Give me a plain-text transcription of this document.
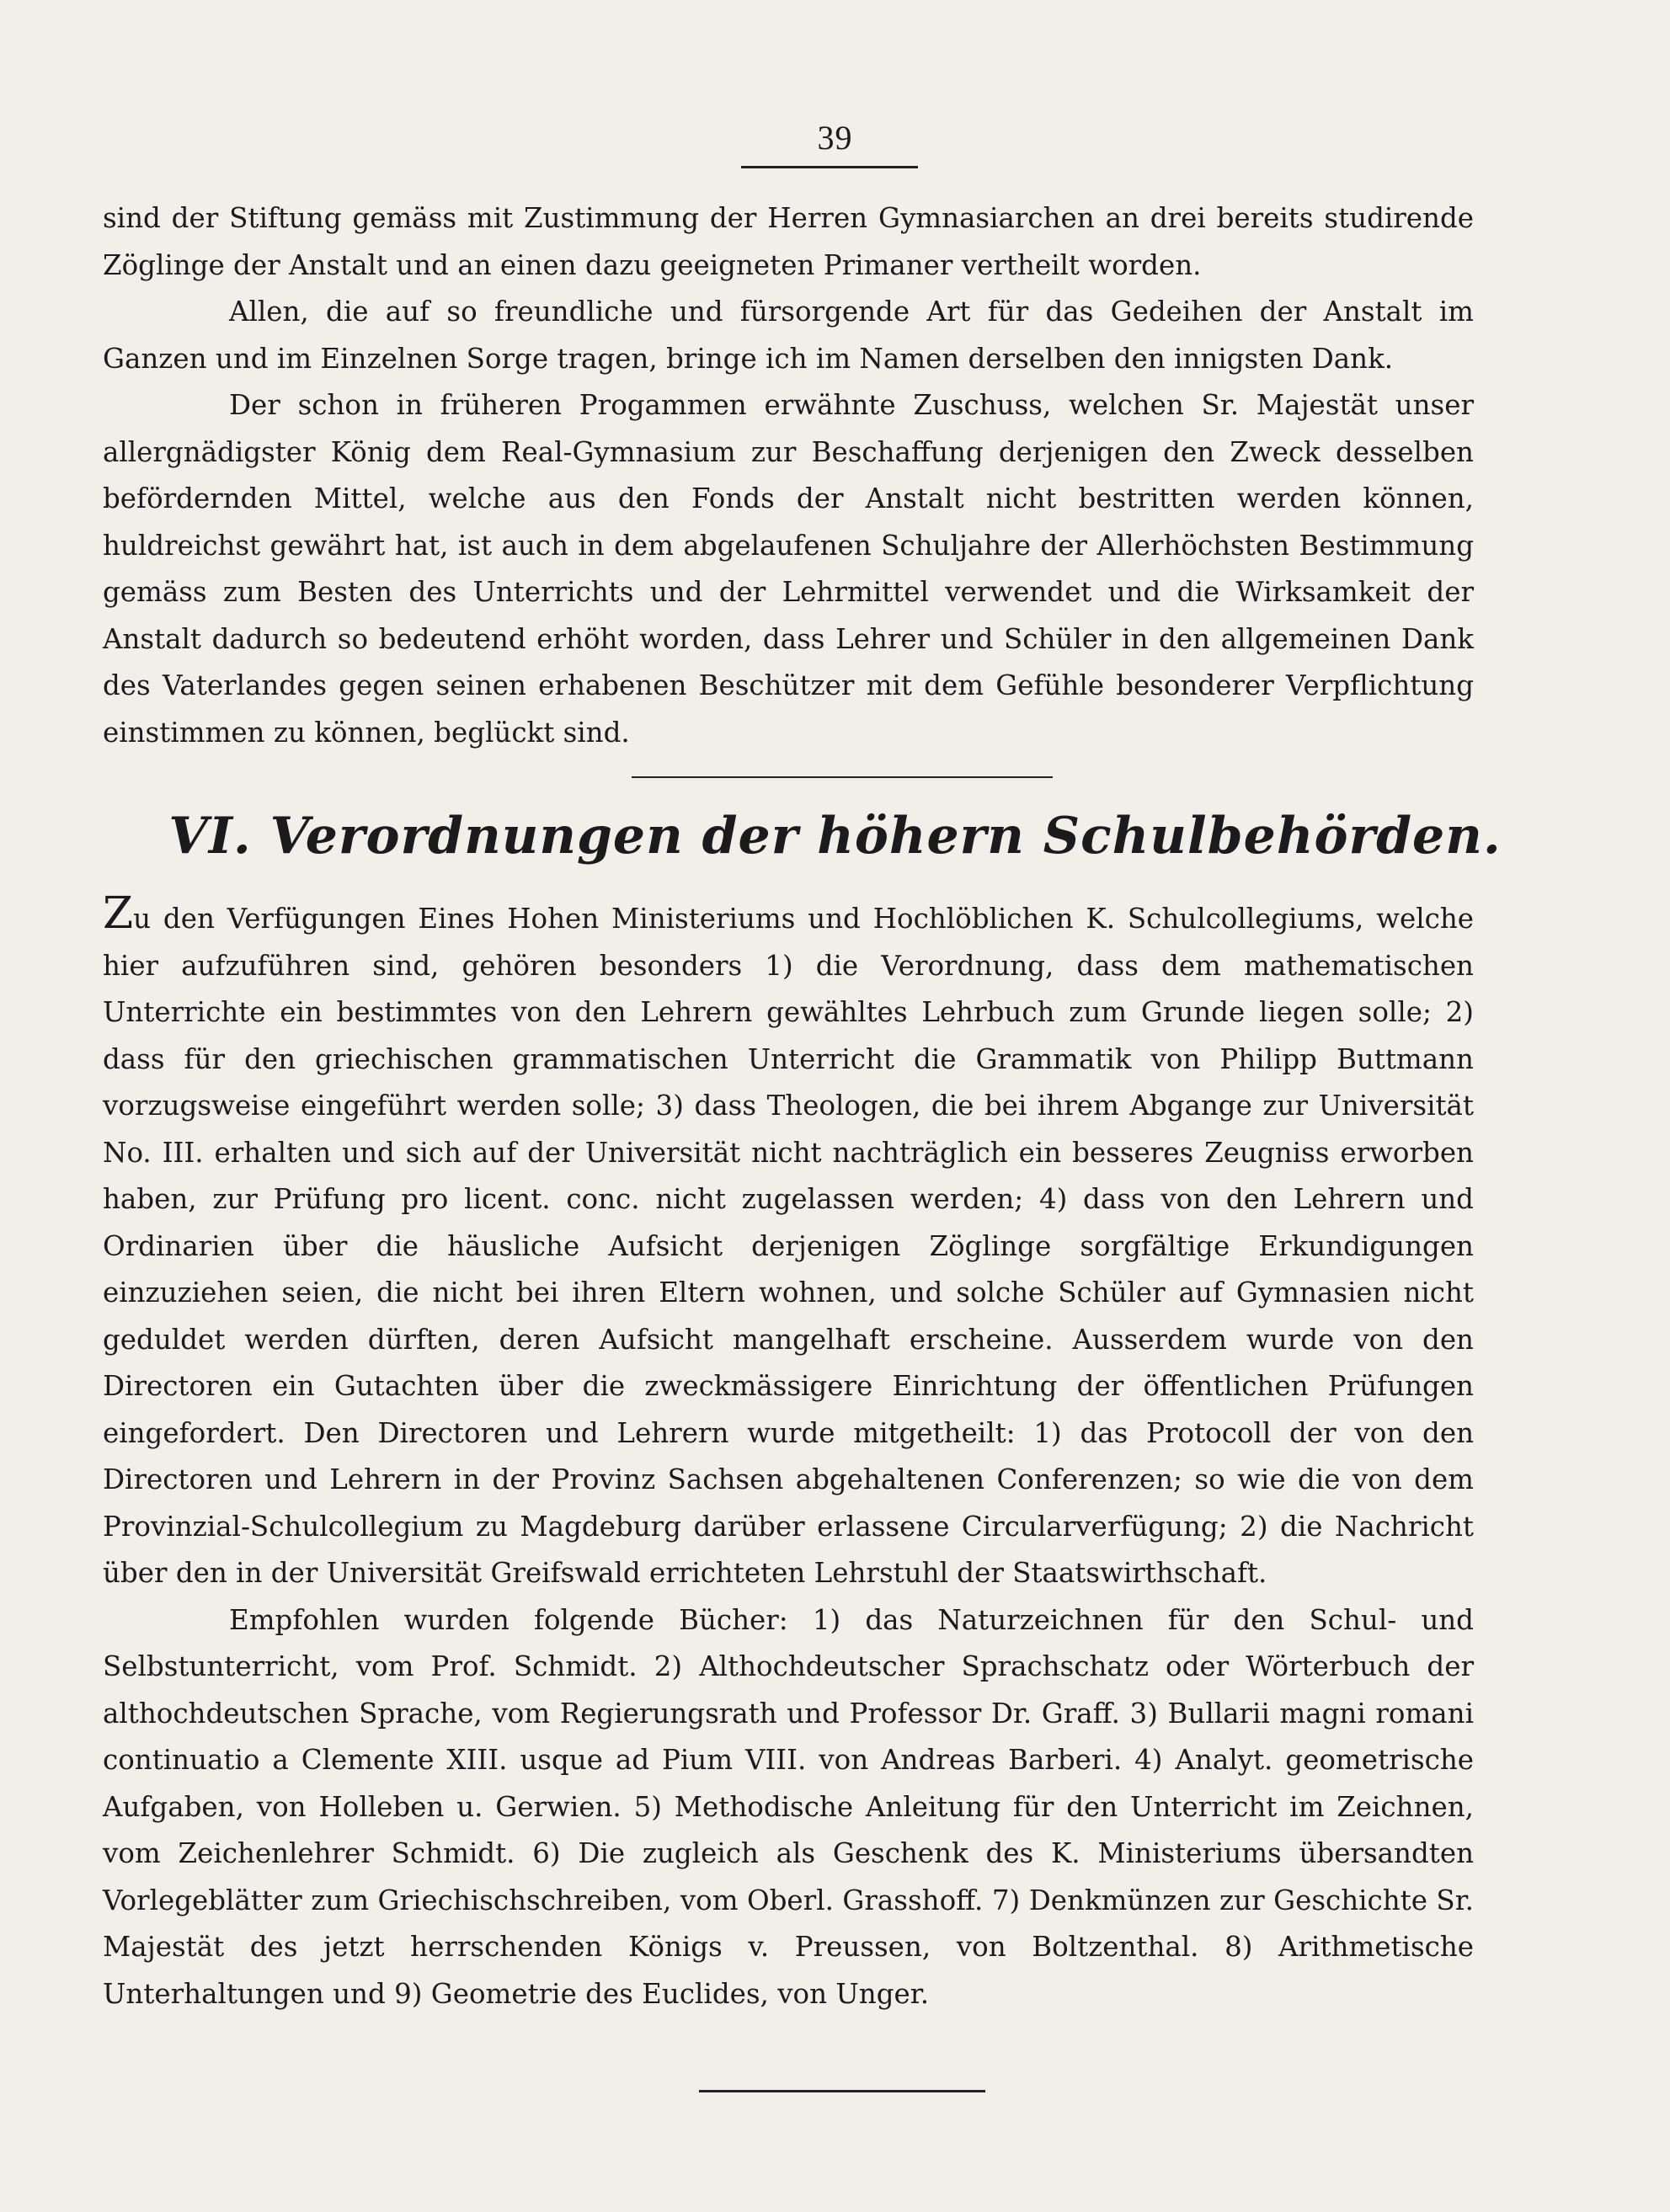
39

sind der Stiftung gemäss mit Zustimmung der Herren Gymnasiarchen an drei bereits studirende Zöglinge der Anstalt und an einen dazu geeigneten Primaner vertheilt worden.

Allen, die auf so freundliche und fürsorgende Art für das Gedeihen der Anstalt im Ganzen und im Einzelnen Sorge tragen, bringe ich im Namen derselben den innigsten Dank.

Der schon in früheren Progammen erwähnte Zuschuss, welchen Sr. Majestät unser allergnädigster König dem Real-Gymnasium zur Beschaffung derjenigen den Zweck desselben befördernden Mittel, welche aus den Fonds der Anstalt nicht bestritten werden können, huldreichst gewährt hat, ist auch in dem abgelaufenen Schuljahre der Allerhöchsten Bestimmung gemäss zum Besten des Unterrichts und der Lehrmittel verwendet und die Wirksamkeit der Anstalt dadurch so bedeutend erhöht worden, dass Lehrer und Schüler in den allgemeinen Dank des Vaterlandes gegen seinen erhabenen Beschützer mit dem Gefühle besonderer Verpflichtung einstimmen zu können, beglückt sind.

VI. Verordnungen der höhern Schulbehörden.

Zu den Verfügungen Eines Hohen Ministeriums und Hochlöblichen K. Schulcollegiums, welche hier aufzuführen sind, gehören besonders 1) die Verordnung, dass dem mathematischen Unterrichte ein bestimmtes von den Lehrern gewähltes Lehrbuch zum Grunde liegen solle; 2) dass für den griechischen grammatischen Unterricht die Grammatik von Philipp Buttmann vorzugsweise eingeführt werden solle; 3) dass Theologen, die bei ihrem Abgange zur Universität No. III. erhalten und sich auf der Universität nicht nachträglich ein besseres Zeugniss erworben haben, zur Prüfung pro licent. conc. nicht zugelassen werden; 4) dass von den Lehrern und Ordinarien über die häusliche Aufsicht derjenigen Zöglinge sorgfältige Erkundigungen einzuziehen seien, die nicht bei ihren Eltern wohnen, und solche Schüler auf Gymnasien nicht geduldet werden dürften, deren Aufsicht mangelhaft erscheine. Ausserdem wurde von den Directoren ein Gutachten über die zweckmässigere Einrichtung der öffentlichen Prüfungen eingefordert. Den Directoren und Lehrern wurde mitgetheilt: 1) das Protocoll der von den Directoren und Lehrern in der Provinz Sachsen abgehaltenen Conferenzen; so wie die von dem Provinzial-Schulcollegium zu Magdeburg darüber erlassene Circularverfügung; 2) die Nachricht über den in der Universität Greifswald errichteten Lehrstuhl der Staatswirthschaft.

Empfohlen wurden folgende Bücher: 1) das Naturzeichnen für den Schul- und Selbstunterricht, vom Prof. Schmidt. 2) Althochdeutscher Sprachschatz oder Wörterbuch der althochdeutschen Sprache, vom Regierungsrath und Professor Dr. Graff. 3) Bullarii magni romani continuatio a Clemente XIII. usque ad Pium VIII. von Andreas Barberi. 4) Analyt. geometrische Aufgaben, von Holleben u. Gerwien. 5) Methodische Anleitung für den Unterricht im Zeichnen, vom Zeichenlehrer Schmidt. 6) Die zugleich als Geschenk des K. Ministeriums übersandten Vorlegeblätter zum Griechischschreiben, vom Oberl. Grasshoff. 7) Denkmünzen zur Geschichte Sr. Majestät des jetzt herrschenden Königs v. Preussen, von Boltzenthal. 8) Arithmetische Unterhaltungen und 9) Geometrie des Euclides, von Unger.
